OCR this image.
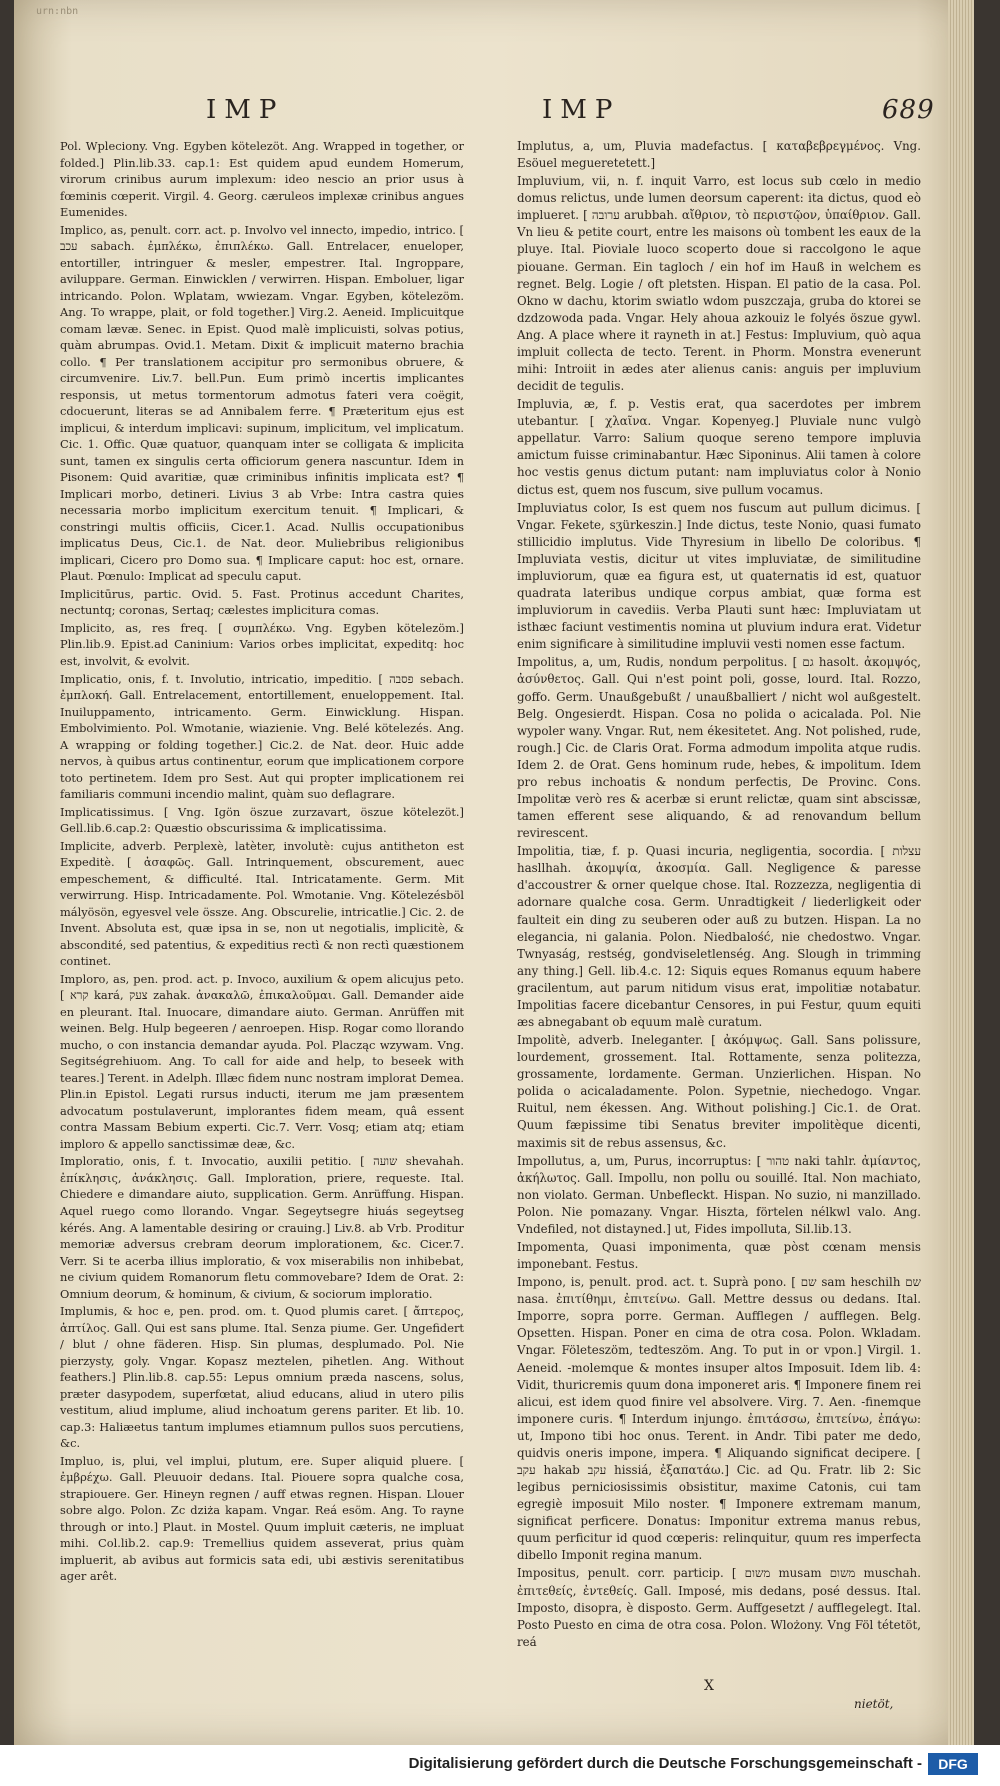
urn:nbn
IMP	IMP	689

Pol. Wpleciony. Vng. Egyben kötelezöt. Ang. Wrapped in together, or folded.] Plin.lib.33. cap.1: Est quidem apud eundem Homerum, virorum crinibus aurum implexum: ideo nescio an prior usus à fœminis cœperit. Virgil. 4. Georg. cæruleos implexæ crinibus angues Eumenides.

Implico, as, penult. corr. act. p. Involvo vel innecto, impedio, intrico. [ עכב sabach. ἐμπλέκω, ἐπιπλέκω. Gall. Entrelacer, enueloper, entortiller, intringuer & mesler, empestrer. Ital. Ingroppare, aviluppare. German. Einwicklen / verwirren. Hispan. Emboluer, ligar intricando. Polon. Wplatam, wwiezam. Vngar. Egyben, kötelezöm. Ang. To wrappe, plait, or fold together.] Virg.2. Aeneid. Implicuitque comam lævæ. Senec. in Epist. Quod malè implicuisti, solvas potius, quàm abrumpas. Ovid.1. Metam. Dixit & implicuit materno brachia collo. ¶ Per translationem accipitur pro sermonibus obruere, & circumvenire. Liv.7. bell.Pun. Eum primò incertis implicantes responsis, ut metus tormentorum admotus fateri vera coëgit, cdocuerunt, literas se ad Annibalem ferre. ¶ Præteritum ejus est implicui, & interdum implicavi: supinum, implicitum, vel implicatum. Cic. 1. Offic. Quæ quatuor, quanquam inter se colligata & implicita sunt, tamen ex singulis certa officiorum genera nascuntur. Idem in Pisonem: Quid avaritiæ, quæ criminibus infinitis implicata est? ¶ Implicari morbo, detineri. Livius 3 ab Vrbe: Intra castra quies necessaria morbo implicitum exercitum tenuit. ¶ Implicari, & constringi multis officiis, Cicer.1. Acad. Nullis occupationibus implicatus Deus, Cic.1. de Nat. deor. Muliebribus religionibus implicari, Cicero pro Domo sua. ¶ Implicare caput: hoc est, ornare. Plaut. Pœnulo: Implicat ad speculu caput.

Implicitūrus, partic. Ovid. 5. Fast. Protinus accedunt Charites, nectuntq; coronas, Sertaq; cælestes implicitura comas.

Implicito, as, res freq. [ συμπλέκω. Vng. Egyben kötelezöm.] Plin.lib.9. Epist.ad Caninium: Varios orbes implicitat, expeditq: hoc est, involvit, & evolvit.

Implicatio, onis, f. t. Involutio, intricatio, impeditio. [ פסבה sebach. ἐμπλοκή. Gall. Entrelacement, entortillement, enueloppement. Ital. Inuiluppamento, intricamento. Germ. Einwicklung. Hispan. Embolvimiento. Pol. Wmotanie, wiazienie. Vng. Belé kötelezés. Ang. A wrapping or folding together.] Cic.2. de Nat. deor. Huic adde nervos, à quibus artus continentur, eorum que implicationem corpore toto pertinetem. Idem pro Sest. Aut qui propter implicationem rei familiaris communi incendio malint, quàm suo deflagrare.

Implicatissimus. [ Vng. Igön öszue zurzavart, öszue kötelezöt.] Gell.lib.6.cap.2: Quæstio obscurissima & implicatissima.

Implicite, adverb. Perplexè, latèter, involutè: cujus antitheton est Expeditè. [ ἀσαφῶς. Gall. Intrinquement, obscurement, auec empeschement, & difficulté. Ital. Intricatamente. Germ. Mit verwirrung. Hisp. Intricadamente. Pol. Wmotanie. Vng. Kötelezésböl mályösön, egyesvel vele össze. Ang. Obscurelie, intricatlie.] Cic. 2. de Invent. Absoluta est, quæ ipsa in se, non ut negotialis, implicitè, & abscondité, sed patentius, & expeditius rectì & non rectì quæstionem continet.

Imploro, as, pen. prod. act. p. Invoco, auxilium & opem alicujus peto. [ קרא kará, צעק zahak. ἀνακαλῶ, ἐπικαλοῦμαι. Gall. Demander aide en pleurant. Ital. Inuocare, dimandare aiuto. German. Anrüffen mit weinen. Belg. Hulp begeeren / aenroepen. Hisp. Rogar como llorando mucho, o con instancia demandar ayuda. Pol. Placząc wzywam. Vng. Segitségrehiuom. Ang. To call for aide and help, to beseek with teares.] Terent. in Adelph. Illæc fidem nunc nostram implorat Demea. Plin.in Epistol. Legati rursus inducti, iterum me jam præsentem advocatum postulaverunt, implorantes fidem meam, quâ essent contra Massam Bebium experti. Cic.7. Verr. Vosq; etiam atq; etiam imploro & appello sanctissimæ deæ, &c.

Imploratio, onis, f. t. Invocatio, auxilii petitio. [ שועה shevahah. ἐπίκλησις, ἀνάκλησις. Gall. Imploration, priere, requeste. Ital. Chiedere e dimandare aiuto, supplication. Germ. Anrüffung. Hispan. Aquel ruego como llorando. Vngar. Segeytsegre hiuás segeytseg kérés. Ang. A lamentable desiring or crauing.] Liv.8. ab Vrb. Proditur memoriæ adversus crebram deorum implorationem, &c. Cicer.7. Verr. Si te acerba illius imploratio, & vox miserabilis non inhibebat, ne civium quidem Romanorum fletu commovebare? Idem de Orat. 2: Omnium deorum, & hominum, & civium, & sociorum imploratio.

Implumis, & hoc e, pen. prod. om. t. Quod plumis caret. [ ἄπτερος, ἀπτίλος. Gall. Qui est sans plume. Ital. Senza piume. Ger. Ungefidert / blut / ohne fäderen. Hisp. Sin plumas, desplumado. Pol. Nie pierzysty, goly. Vngar. Kopasz meztelen, pihetlen. Ang. Without feathers.] Plin.lib.8. cap.55: Lepus omnium præda nascens, solus, præter dasypodem, superfœtat, aliud educans, aliud in utero pilis vestitum, aliud implume, aliud inchoatum gerens pariter. Et lib. 10. cap.3: Haliæetus tantum implumes etiamnum pullos suos percutiens, &c.

Impluo, is, plui, vel implui, plutum, ere. Super aliquid pluere. [ ἐμβρέχω. Gall. Pleuuoir dedans. Ital. Piouere sopra qualche cosa, strapiouere. Ger. Hineyn regnen / auff etwas regnen. Hispan. Llouer sobre algo. Polon. Zc dziża kapam. Vngar. Reá esöm. Ang. To rayne through or into.] Plaut. in Mostel. Quum impluit cæteris, ne impluat mihi. Col.lib.2. cap.9: Tremellius quidem asseverat, prius quàm impluerit, ab avibus aut formicis sata edi, ubi æstivis serenitatibus ager arêt.

Implutus, a, um, Pluvia madefactus. [ καταβεβρεγμένος. Vng. Esöuel megueretetett.]

Impluvium, vii, n. f. inquit Varro, est locus sub cœlo in medio domus relictus, unde lumen deorsum caperent: ita dictus, quod eò implueret. [ ערובה arubbah. αἴθριον, τὸ περιστῷον, ὑπαίθριον. Gall. Vn lieu & petite court, entre les maisons où tombent les eaux de la pluye. Ital. Pioviale luoco scoperto doue si raccolgono le aque piouane. German. Ein tagloch / ein hof im Hauß in welchem es regnet. Belg. Logie / oft pletsten. Hispan. El patio de la casa. Pol. Okno w dachu, ktorim swiatlo wdom puszczaja, gruba do ktorei se dzdzowoda pada. Vngar. Hely ahoua azkouiz le folyés öszue gywl. Ang. A place where it rayneth in at.] Festus: Impluvium, quò aqua impluit collecta de tecto. Terent. in Phorm. Monstra evenerunt mihi: Introiit in ædes ater alienus canis: anguis per impluvium decidit de tegulis.

Impluvia, æ, f. p. Vestis erat, qua sacerdotes per imbrem utebantur. [ χλαῖνα. Vngar. Kopenyeg.] Pluviale nunc vulgò appellatur. Varro: Salium quoque sereno tempore impluvia amictum fuisse criminabantur. Hæc Siponinus. Alii tamen à colore hoc vestis genus dictum putant: nam impluviatus color à Nonio dictus est, quem nos fuscum, sive pullum vocamus.

Impluviatus color, Is est quem nos fuscum aut pullum dicimus. [ Vngar. Fekete, sʒürkeszin.] Inde dictus, teste Nonio, quasi fumato stillicidio implutus. Vide Thyresium in libello De coloribus. ¶ Impluviata vestis, dicitur ut vites impluviatæ, de similitudine impluviorum, quæ ea figura est, ut quaternatis id est, quatuor quadrata lateribus undique corpus ambiat, quæ forma est impluviorum in cavediis. Verba Plauti sunt hæc: Impluviatam ut isthæc faciunt vestimentis nomina ut pluvium indura erat. Videtur enim significare à similitudine impluvii vesti nomen esse factum.

Impolitus, a, um, Rudis, nondum perpolitus. [ גם hasolt. ἀκομψός, ἀσύνθετος. Gall. Qui n'est point poli, gosse, lourd. Ital. Rozzo, goffo. Germ. Unaußgebußt / unaußballiert / nicht wol außgestelt. Belg. Ongesierdt. Hispan. Cosa no polida o acicalada. Pol. Nie wypoler wany. Vngar. Rut, nem ékesitetet. Ang. Not polished, rude, rough.] Cic. de Claris Orat. Forma admodum impolita atque rudis. Idem 2. de Orat. Gens hominum rude, hebes, & impolitum. Idem pro rebus inchoatis & nondum perfectis, De Provinc. Cons. Impolitæ verò res & acerbæ si erunt relictæ, quam sint abscissæ, tamen efferent sese aliquando, & ad renovandum bellum revirescent.

Impolitia, tiæ, f. p. Quasi incuria, negligentia, socordia. [ עצלות hasllhah. ἀκομψία, ἀκοσμία. Gall. Negligence & paresse d'accoustrer & orner quelque chose. Ital. Rozzezza, negligentia di adornare qualche cosa. Germ. Unradtigkeit / liederligkeit oder faulteit ein ding zu seuberen oder auß zu butzen. Hispan. La no elegancia, ni galania. Polon. Niedbalość, nie chedostwo. Vngar. Twnyaság, restség, gondviseletlenség. Ang. Slough in trimming any thing.] Gell. lib.4.c. 12: Siquis eques Romanus equum habere gracilentum, aut parum nitidum visus erat, impolitiæ notabatur. Impolitias facere dicebantur Censores, in pui Festur, quum equiti æs abnegabant ob equum malè curatum.

Impolitè, adverb. Ineleganter. [ ἀκόμψως. Gall. Sans polissure, lourdement, grossement. Ital. Rottamente, senza politezza, grossamente, lordamente. German. Unzierlichen. Hispan. No polida o acicaladamente. Polon. Sypetnie, niechedogo. Vngar. Ruitul, nem ékessen. Ang. Without polishing.] Cic.1. de Orat. Quum fæpissime tibi Senatus breviter impolitèque dicenti, maximis sit de rebus assensus, &c.

Impollutus, a, um, Purus, incorruptus: [ טהור naki tahlr. ἀμίαντος, ἀκήλωτος. Gall. Impollu, non pollu ou souillé. Ital. Non machiato, non violato. German. Unbefleckt. Hispan. No suzio, ni manzillado. Polon. Nie pomazany. Vngar. Hiszta, förtelen nélkwl valo. Ang. Vndefiled, not distayned.] ut, Fides impolluta, Sil.lib.13.

Impomenta, Quasi imponimenta, quæ pòst cœnam mensis imponebant. Festus.

Impono, is, penult. prod. act. t. Suprà pono. [ שם sam heschilh שם nasa. ἐπιτίθημι, ἐπιτείνω. Gall. Mettre dessus ou dedans. Ital. Imporre, sopra porre. German. Aufflegen / aufflegen. Belg. Opsetten. Hispan. Poner en cima de otra cosa. Polon. Wkladam. Vngar. Föleteszöm, tedteszöm. Ang. To put in or vpon.] Virgil. 1. Aeneid. -molemque & montes insuper altos Imposuit. Idem lib. 4: Vidit, thuricremis quum dona imponeret aris. ¶ Imponere finem rei alicui, est idem quod finire vel absolvere. Virg. 7. Aen. -finemque imponere curis. ¶ Interdum injungo. ἐπιτάσσω, ἐπιτείνω, ἐπάγω: ut, Impono tibi hoc onus. Terent. in Andr. Tibi pater me dedo, quidvis oneris impone, impera. ¶ Aliquando significat decipere. [ עקב hakab עקב hissiá, ἐξαπατάω.] Cic. ad Qu. Fratr. lib 2: Sic legibus perniciosissimis obsistitur, maxime Catonis, cui tam egregiè imposuit Milo noster. ¶ Imponere extremam manum, significat perficere. Donatus: Imponitur extrema manus rebus, quum perficitur id quod cœperis: relinquitur, quum res imperfecta dibello Imponit regina manum.

Impositus, penult. corr. particip. [ משום musam משום muschah. ἐπιτεθείς, ἐντεθείς. Gall. Imposé, mis dedans, posé dessus. Ital. Imposto, disopra, è disposto. Germ. Auffgesetzt / aufflegelegt. Ital. Posto Puesto en cima de otra cosa. Polon. Wlożony. Vng Föl tétetöt, reá

X
nietöt,
Digitalisierung gefördert durch die Deutsche Forschungsgemeinschaft -	DFG
